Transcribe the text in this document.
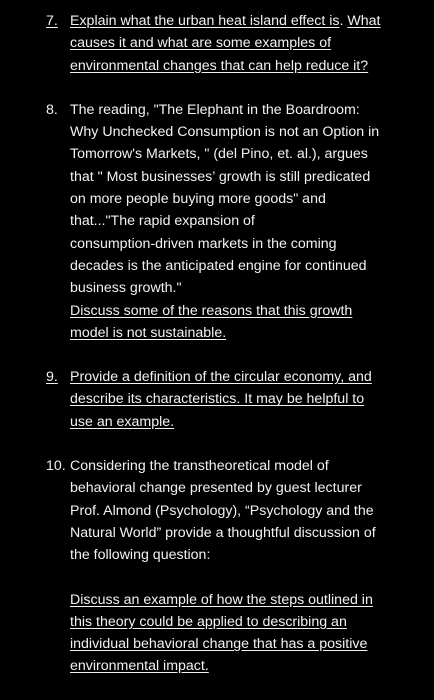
7. Explain what the urban heat island effect is. What
causes it and what are some examples of
environmental changes that can help reduce it?
8. The reading, "The Elephant in the Boardroom:
Why Unchecked Consumption is not an Option in
Tomorrow's Markets, " (del Pino, et. al.), argues
that " Most businesses’ growth is still predicated
on more people buying more goods" and
that..."The rapid expansion of
consumption-driven markets in the coming
decades is the anticipated engine for continued
business growth."
Discuss some of the reasons that this growth
model is not sustainable.
9. Provide a definition of the circular economy, and
describe its characteristics. It may be helpful to
use an example.
10. Considering the transtheoretical model of
behavioral change presented by guest lecturer
Prof. Almond (Psychology), “Psychology and the
Natural World” provide a thoughtful discussion of
the following question:
Discuss an example of how the steps outlined in
this theory could be applied to describing an
individual behavioral change that has a positive
environmental impact.
